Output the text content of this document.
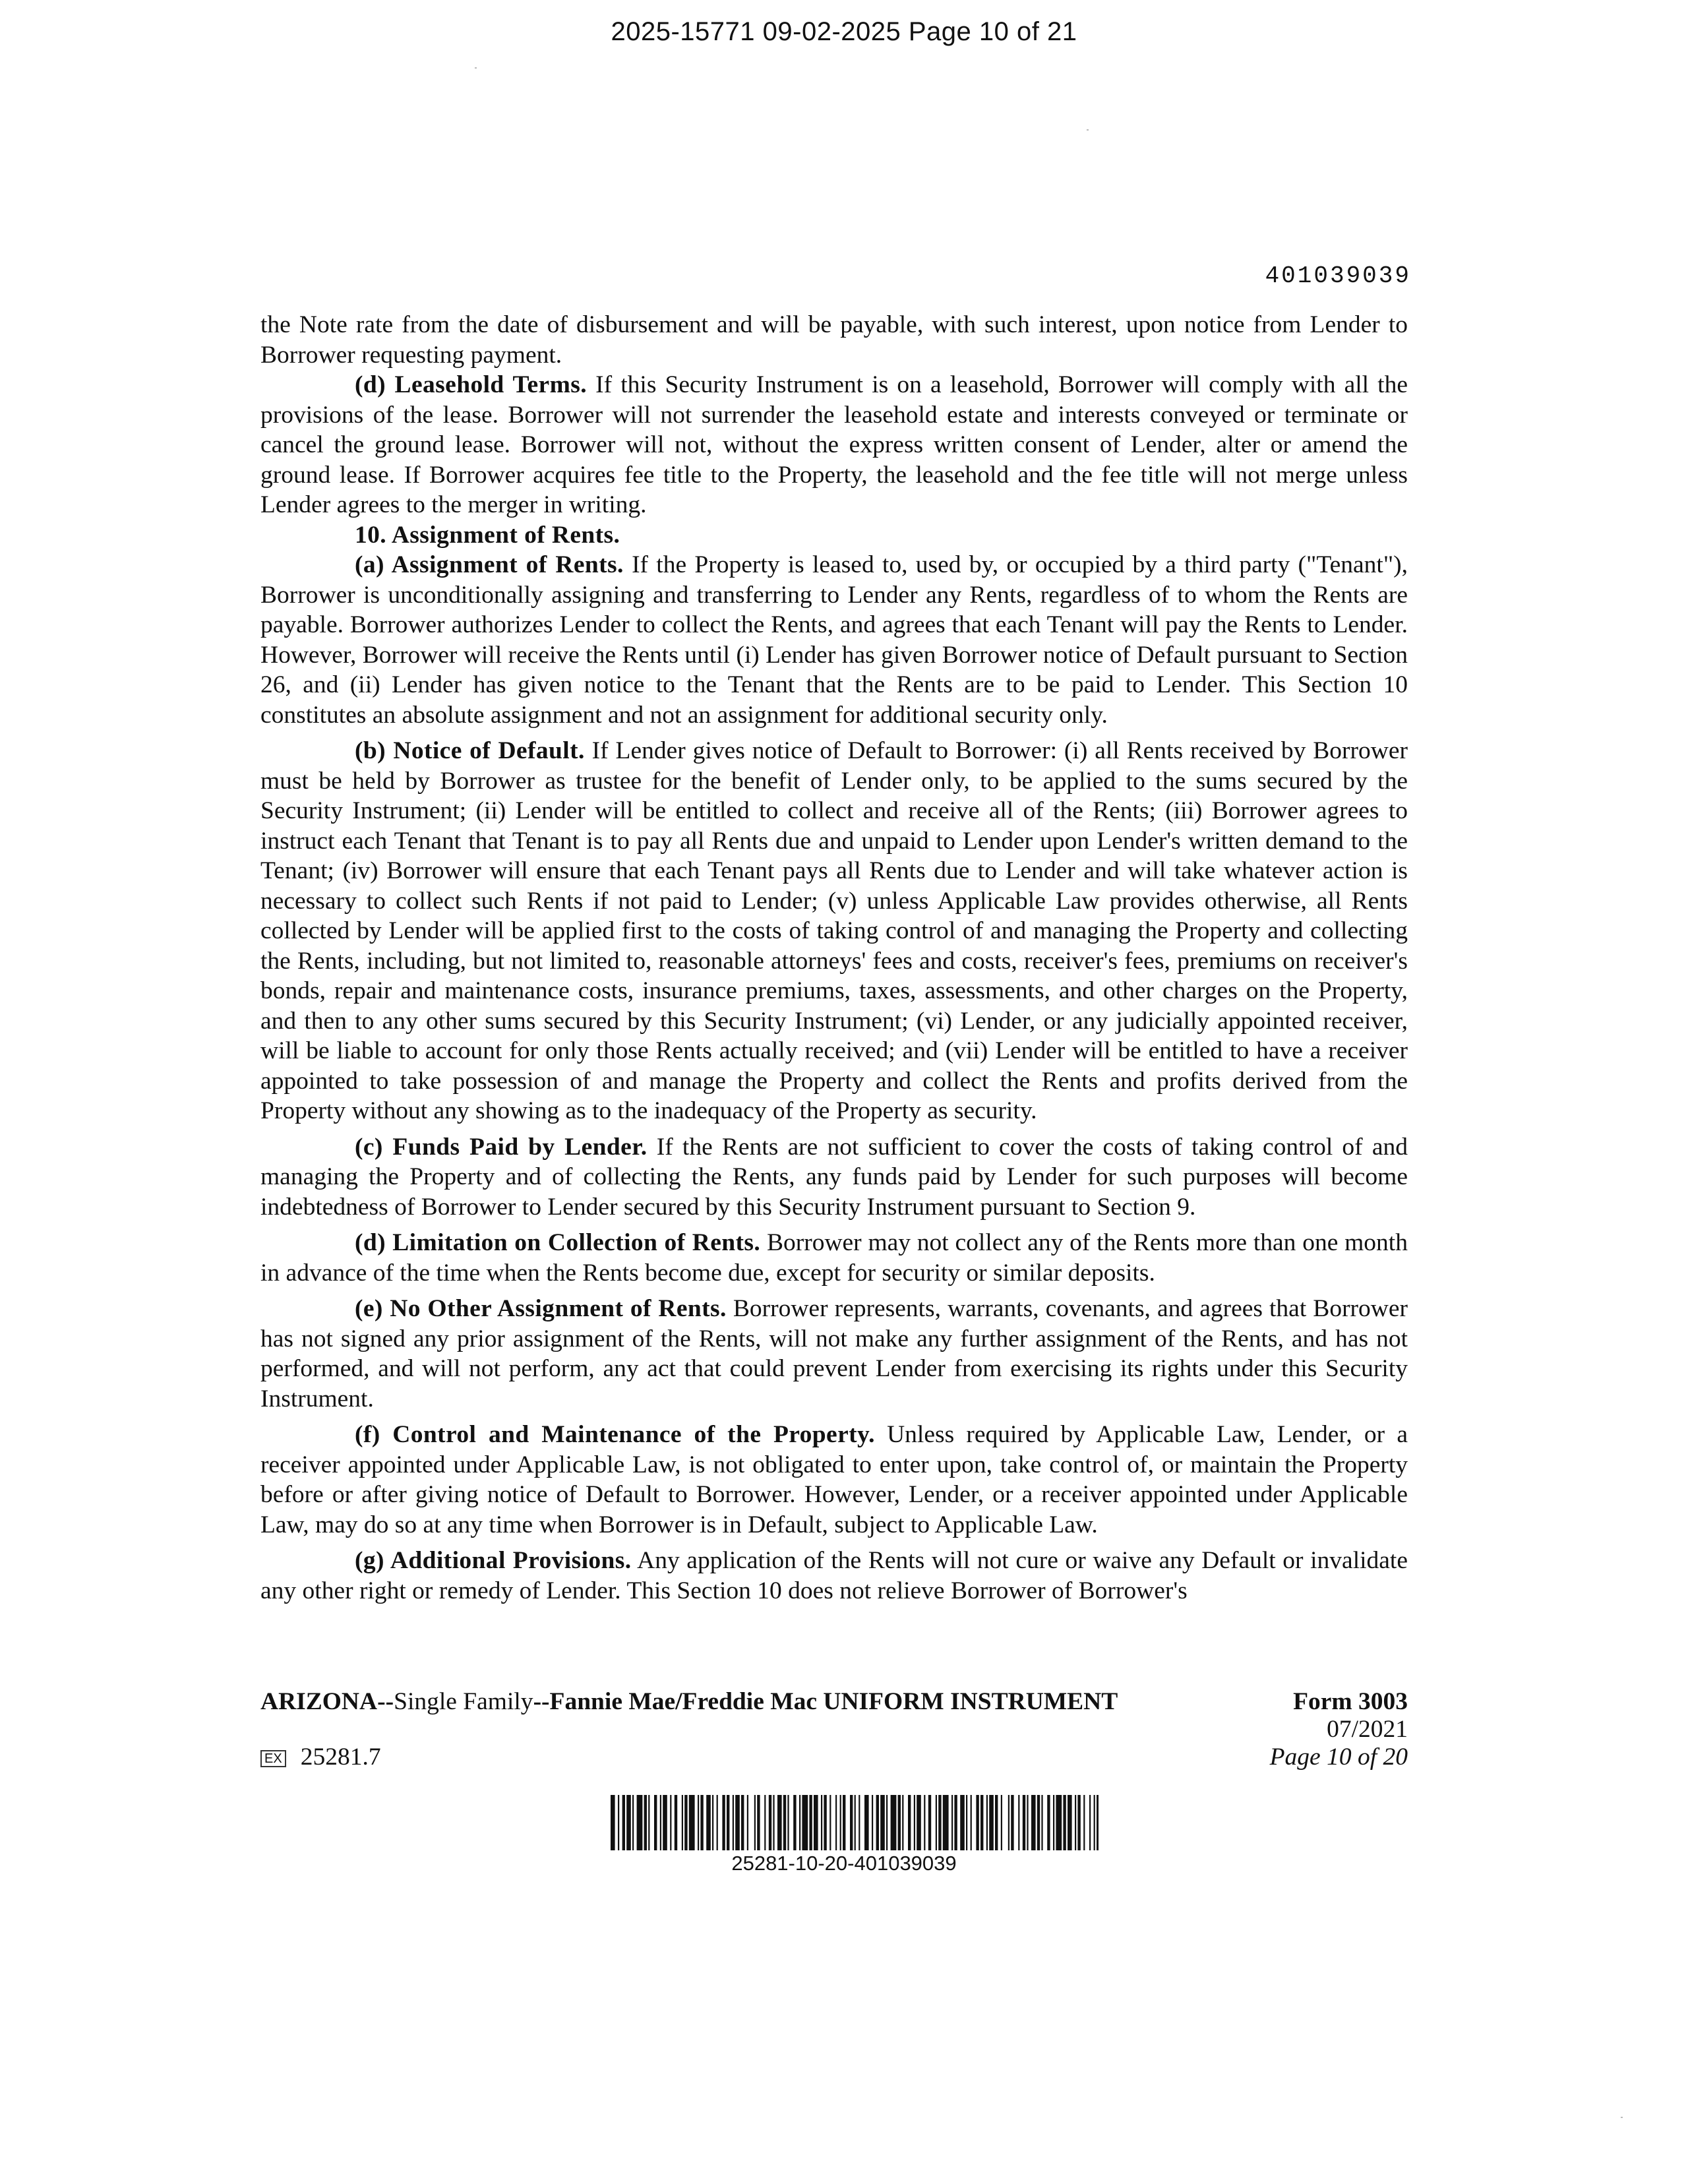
2025-15771 09-02-2025 Page 10 of 21
401039039

the Note rate from the date of disbursement and will be payable, with such interest, upon notice from Lender to Borrower requesting payment.

(d) Leasehold Terms. If this Security Instrument is on a leasehold, Borrower will comply with all the provisions of the lease. Borrower will not surrender the leasehold estate and interests conveyed or terminate or cancel the ground lease. Borrower will not, without the express written consent of Lender, alter or amend the ground lease. If Borrower acquires fee title to the Property, the leasehold and the fee title will not merge unless Lender agrees to the merger in writing.

10. Assignment of Rents.

(a) Assignment of Rents. If the Property is leased to, used by, or occupied by a third party ("Tenant"), Borrower is unconditionally assigning and transferring to Lender any Rents, regardless of to whom the Rents are payable. Borrower authorizes Lender to collect the Rents, and agrees that each Tenant will pay the Rents to Lender. However, Borrower will receive the Rents until (i) Lender has given Borrower notice of Default pursuant to Section 26, and (ii) Lender has given notice to the Tenant that the Rents are to be paid to Lender. This Section 10 constitutes an absolute assignment and not an assignment for additional security only.

(b) Notice of Default. If Lender gives notice of Default to Borrower: (i) all Rents received by Borrower must be held by Borrower as trustee for the benefit of Lender only, to be applied to the sums secured by the Security Instrument; (ii) Lender will be entitled to collect and receive all of the Rents; (iii) Borrower agrees to instruct each Tenant that Tenant is to pay all Rents due and unpaid to Lender upon Lender's written demand to the Tenant; (iv) Borrower will ensure that each Tenant pays all Rents due to Lender and will take whatever action is necessary to collect such Rents if not paid to Lender; (v) unless Applicable Law provides otherwise, all Rents collected by Lender will be applied first to the costs of taking control of and managing the Property and collecting the Rents, including, but not limited to, reasonable attorneys' fees and costs, receiver's fees, premiums on receiver's bonds, repair and maintenance costs, insurance premiums, taxes, assessments, and other charges on the Property, and then to any other sums secured by this Security Instrument; (vi) Lender, or any judicially appointed receiver, will be liable to account for only those Rents actually received; and (vii) Lender will be entitled to have a receiver appointed to take possession of and manage the Property and collect the Rents and profits derived from the Property without any showing as to the inadequacy of the Property as security.

(c) Funds Paid by Lender. If the Rents are not sufficient to cover the costs of taking control of and managing the Property and of collecting the Rents, any funds paid by Lender for such purposes will become indebtedness of Borrower to Lender secured by this Security Instrument pursuant to Section 9.

(d) Limitation on Collection of Rents. Borrower may not collect any of the Rents more than one month in advance of the time when the Rents become due, except for security or similar deposits.

(e) No Other Assignment of Rents. Borrower represents, warrants, covenants, and agrees that Borrower has not signed any prior assignment of the Rents, will not make any further assignment of the Rents, and has not performed, and will not perform, any act that could prevent Lender from exercising its rights under this Security Instrument.

(f) Control and Maintenance of the Property. Unless required by Applicable Law, Lender, or a receiver appointed under Applicable Law, is not obligated to enter upon, take control of, or maintain the Property before or after giving notice of Default to Borrower. However, Lender, or a receiver appointed under Applicable Law, may do so at any time when Borrower is in Default, subject to Applicable Law.

(g) Additional Provisions. Any application of the Rents will not cure or waive any Default or invalidate any other right or remedy of Lender. This Section 10 does not relieve Borrower of Borrower's

ARIZONA--Single Family--Fannie Mae/Freddie Mac UNIFORM INSTRUMENT	Form 3003
07/2021
EX 25281.7	Page 10 of 20
25281-10-20-401039039
